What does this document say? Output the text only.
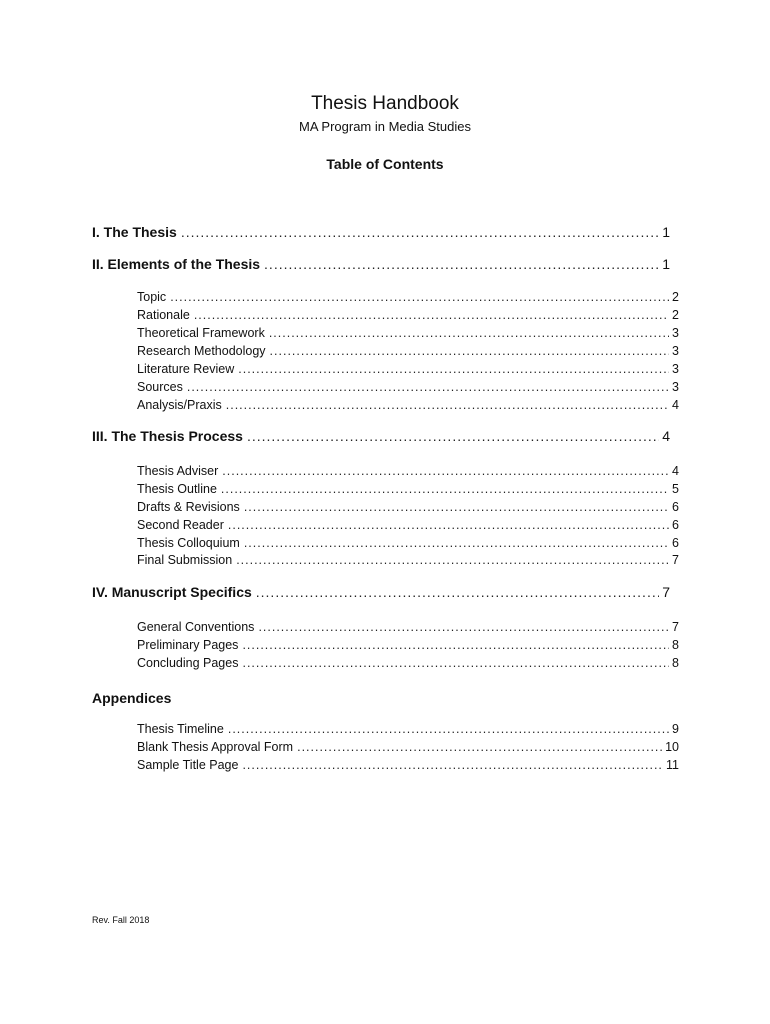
Thesis Handbook
MA Program in Media Studies
Table of Contents
I. The Thesis .....	1
II. Elements of the Thesis .....	1
Topic .....	2
Rationale .....	2
Theoretical Framework .....	3
Research Methodology .....	3
Literature Review .....	3
Sources .....	3
Analysis/Praxis .....	4
III. The Thesis Process .....	4
Thesis Adviser .....	4
Thesis Outline .....	5
Drafts & Revisions .....	6
Second Reader .....	6
Thesis Colloquium .....	6
Final Submission .....	7
IV. Manuscript Specifics .....	7
General Conventions .....	7
Preliminary Pages .....	8
Concluding Pages .....	8
Appendices
Thesis Timeline .....	9
Blank Thesis Approval Form .....	10
Sample Title Page .....	11
Rev. Fall 2018
